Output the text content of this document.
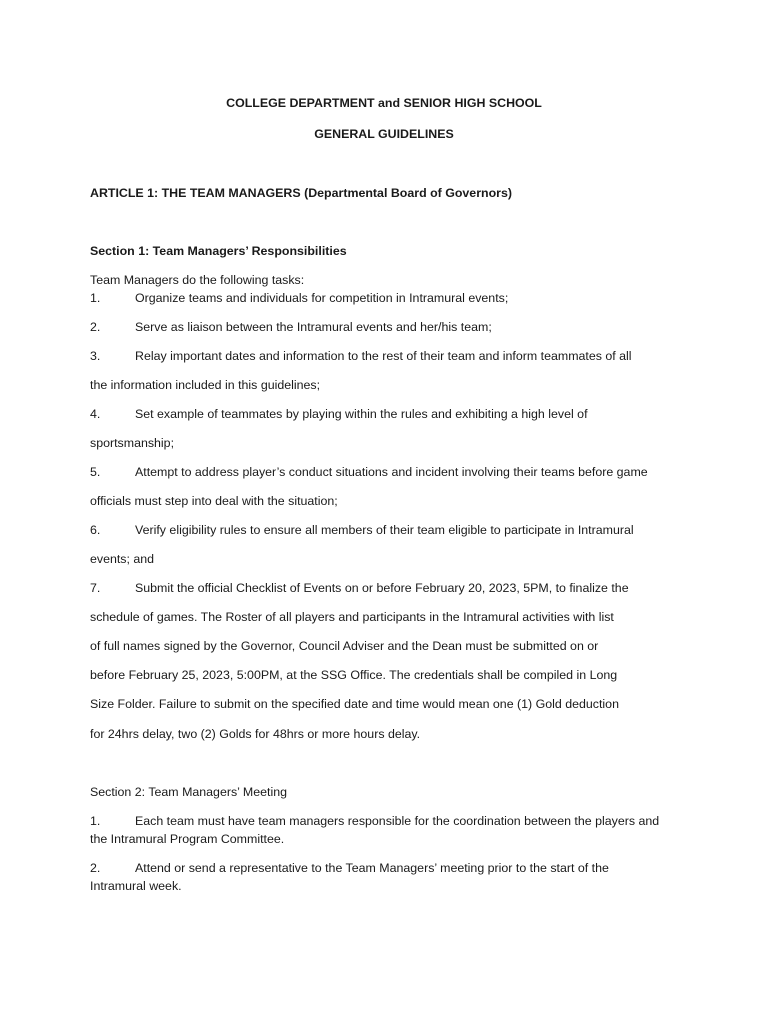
COLLEGE DEPARTMENT and SENIOR HIGH SCHOOL
GENERAL GUIDELINES
ARTICLE 1: THE TEAM MANAGERS (Departmental Board of Governors)
Section 1: Team Managers’ Responsibilities
Team Managers do the following tasks:
1.	Organize teams and individuals for competition in Intramural events;
2.	Serve as liaison between the Intramural events and her/his team;
3.	Relay important dates and information to the rest of their team and inform teammates of all
the information included in this guidelines;
4.	Set example of teammates by playing within the rules and exhibiting a high level of
sportsmanship;
5.	Attempt to address player’s conduct situations and incident involving their teams before game
officials must step into deal with the situation;
6.	Verify eligibility rules to ensure all members of their team eligible to participate in Intramural
events; and
7.	Submit the official Checklist of Events on or before February 20, 2023, 5PM, to finalize the
schedule of games. The Roster of all players and participants in the Intramural activities with list
of full names signed by the Governor, Council Adviser and the Dean must be submitted on or
before February 25, 2023, 5:00PM, at the SSG Office. The credentials shall be compiled in Long
Size Folder. Failure to submit on the specified date and time would mean one (1) Gold deduction
for 24hrs delay, two (2) Golds for 48hrs or more hours delay.
Section 2: Team Managers’ Meeting
1.	Each team must have team managers responsible for the coordination between the players and
the Intramural Program Committee.
2.	Attend or send a representative to the Team Managers’ meeting prior to the start of the
Intramural week.
